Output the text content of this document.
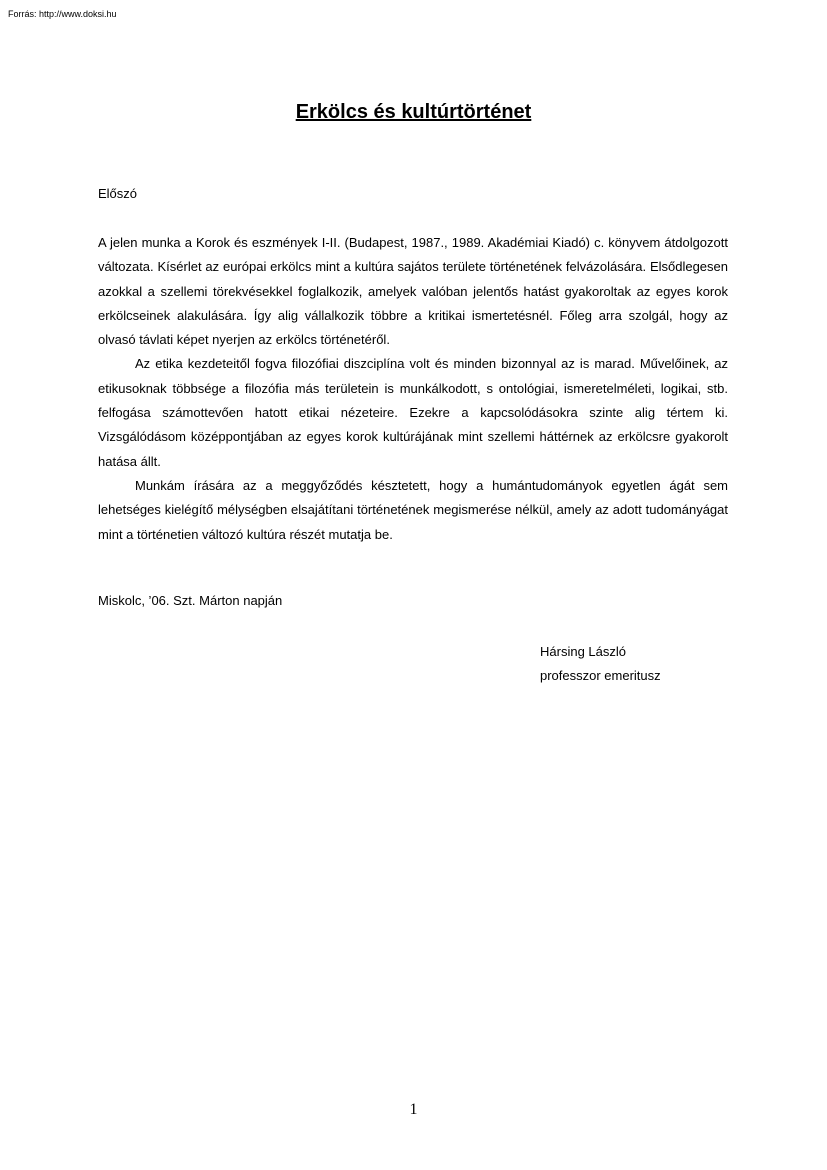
Forrás: http://www.doksi.hu
Erkölcs és kultúrtörténet
Előszó

A jelen munka a Korok és eszmények I-II. (Budapest, 1987., 1989. Akadémiai Kiadó) c. könyvem átdolgozott változata. Kísérlet az európai erkölcs mint a kultúra sajátos területe történetének felvázolására. Elsődlegesen azokkal a szellemi törekvésekkel foglalkozik, amelyek valóban jelentős hatást gyakoroltak az egyes korok erkölcseinek alakulására. Így alig vállalkozik többre a kritikai ismertetésnél. Főleg arra szolgál, hogy az olvasó távlati képet nyerjen az erkölcs történetéről.

Az etika kezdeteitől fogva filozófiai diszciplína volt és minden bizonnyal az is marad. Művelőinek, az etikusoknak többsége a filozófia más területein is munkálkodott, s ontológiai, ismeretelméleti, logikai, stb. felfogása számottevően hatott etikai nézeteire. Ezekre a kapcsolódásokra szinte alig tértem ki. Vizsgálódásom középpontjában az egyes korok kultúrájának mint szellemi háttérnek az erkölcsre gyakorolt hatása állt.

Munkám írására az a meggyőződés késztetett, hogy a humántudományok egyetlen ágát sem lehetséges kielégítő mélységben elsajátítani történetének megismerése nélkül, amely az adott tudományágat mint a történetien változó kultúra részét mutatja be.

Miskolc, ’06. Szt. Márton napján
Hársing László
professzor emeritusz
1
